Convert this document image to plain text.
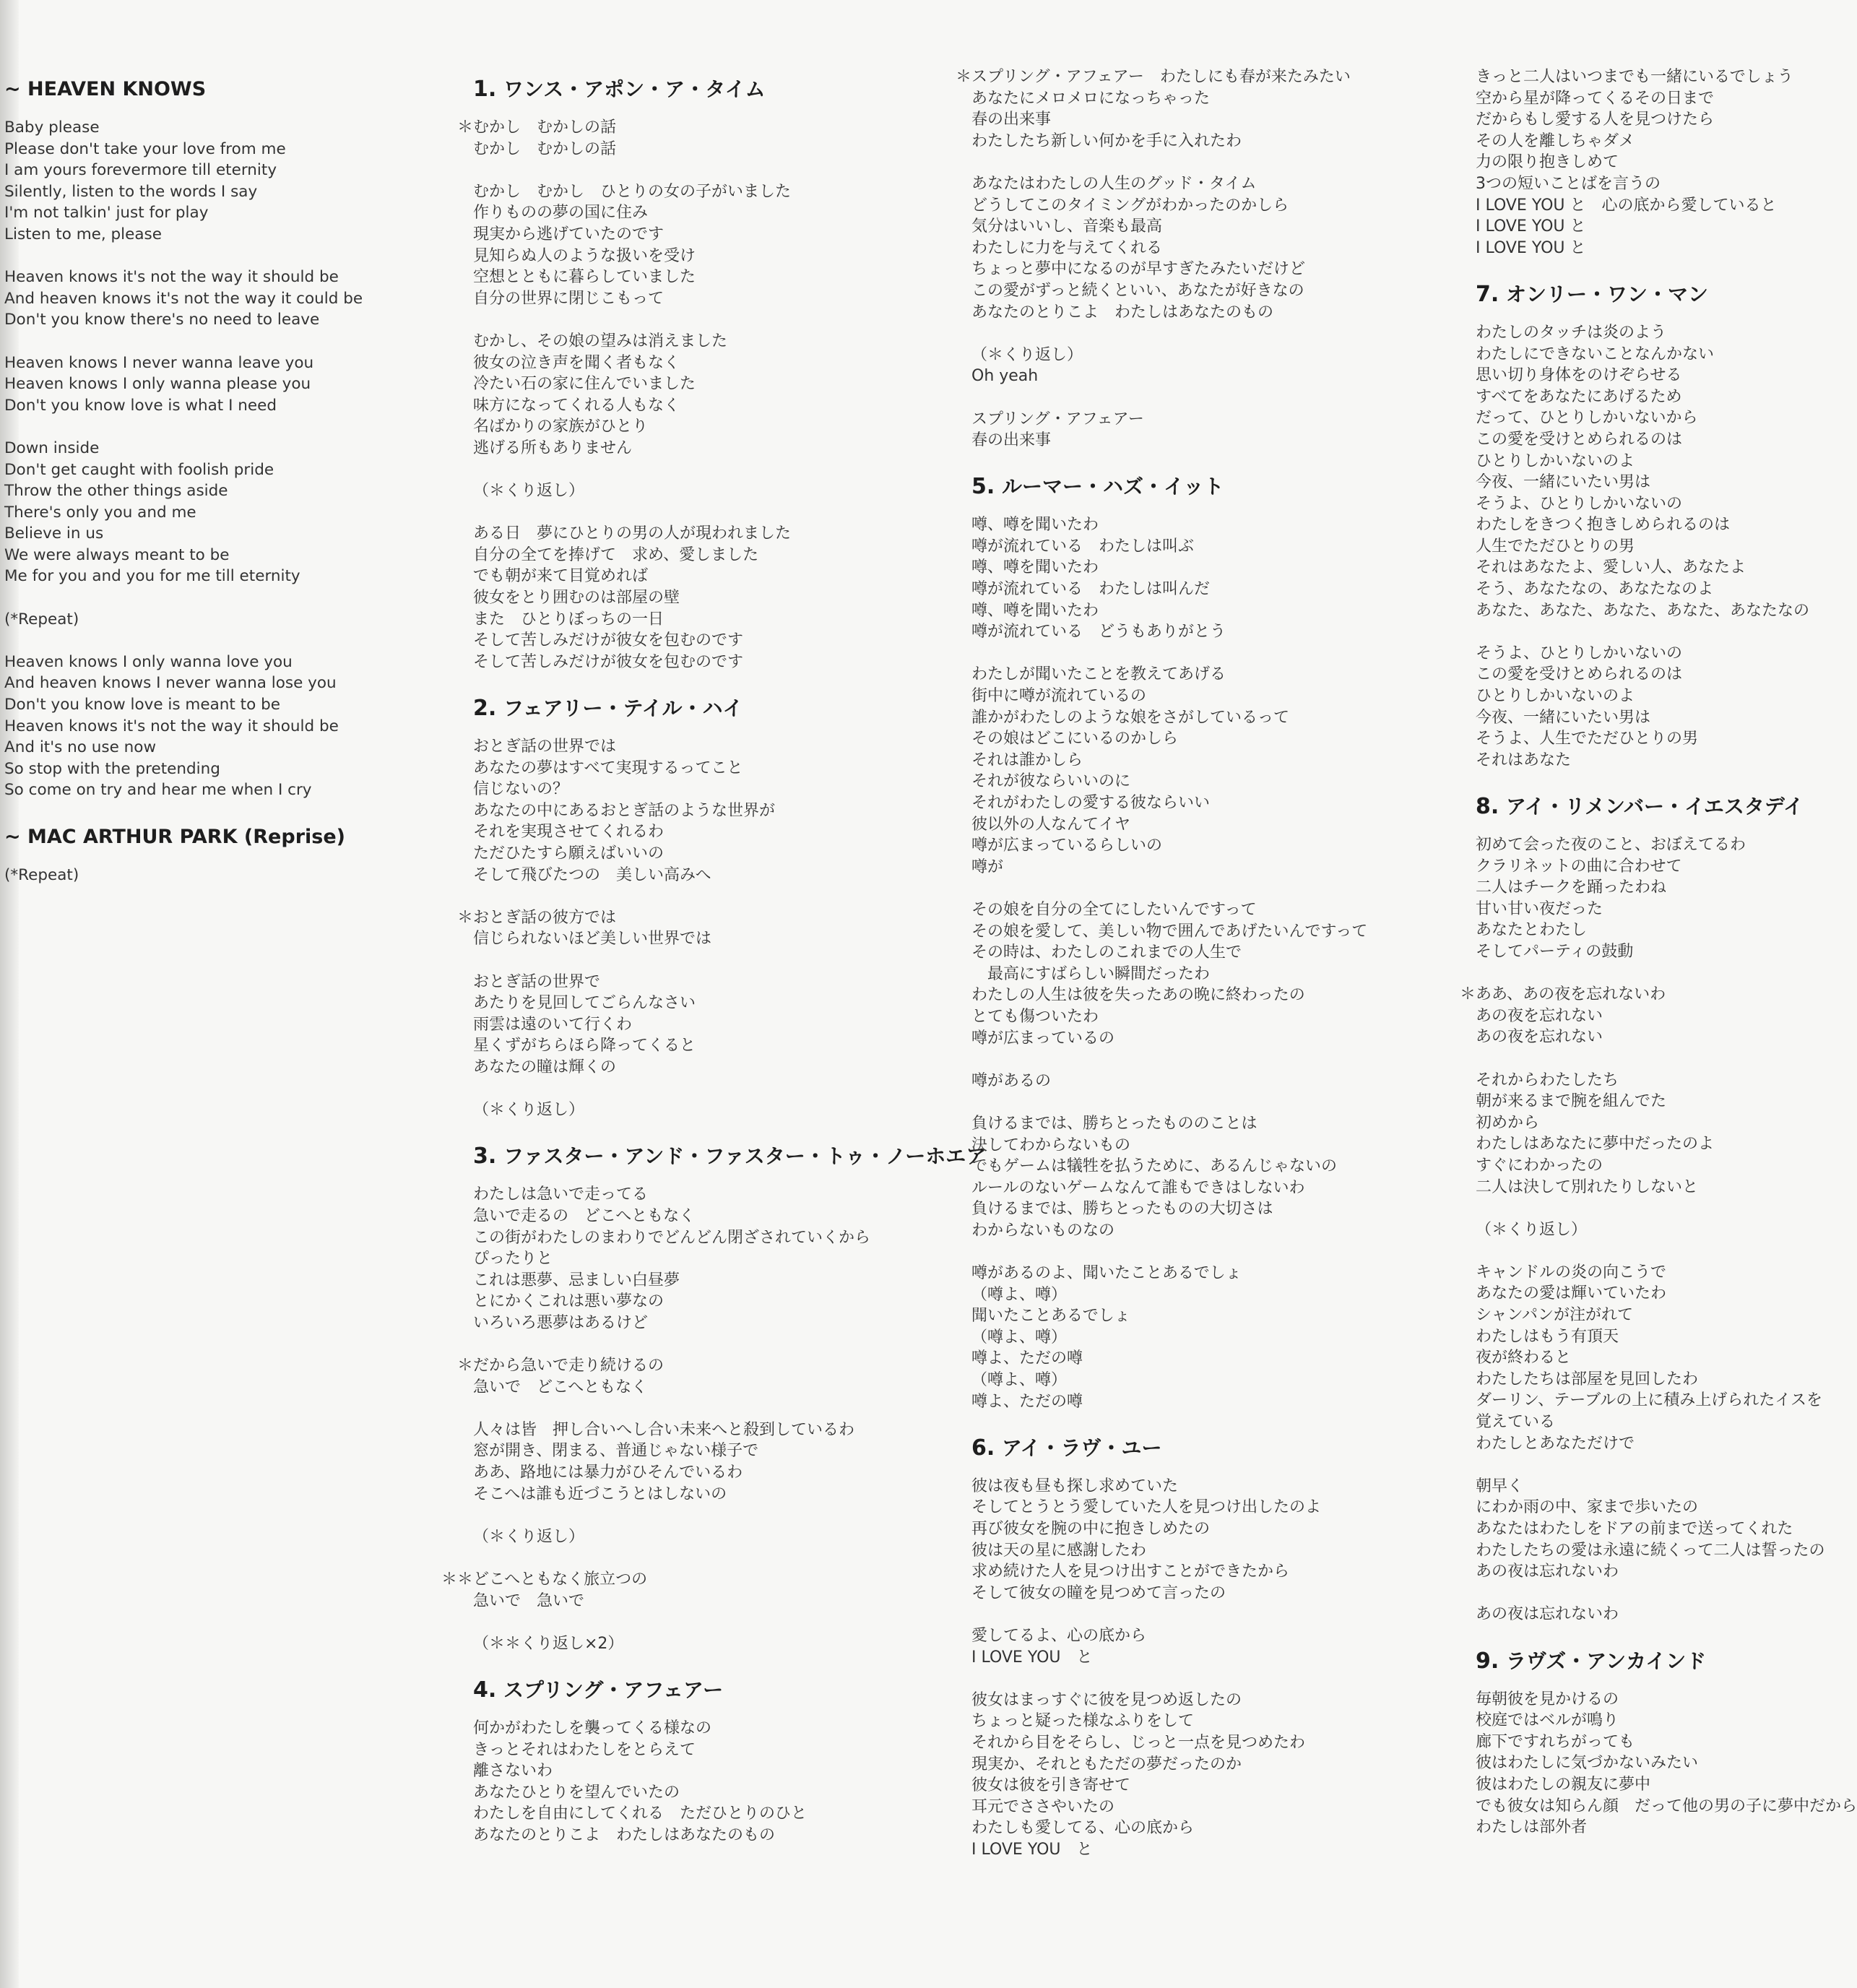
~ HEAVEN KNOWS
Baby please
Please don't take your love from me
I am yours forevermore till eternity
Silently, listen to the words I say
I'm not talkin' just for play
Listen to me, please
Heaven knows it's not the way it should be
And heaven knows it's not the way it could be
Don't you know there's no need to leave
Heaven knows I never wanna leave you
Heaven knows I only wanna please you
Don't you know love is what I need
Down inside
Don't get caught with foolish pride
Throw the other things aside
There's only you and me
Believe in us
We were always meant to be
Me for you and you for me till eternity
(*Repeat)
Heaven knows I only wanna love you
And heaven knows I never wanna lose you
Don't you know love is meant to be
Heaven knows it's not the way it should be
And it's no use now
So stop with the pretending
So come on try and hear me when I cry
~ MAC ARTHUR PARK (Reprise)
(*Repeat)
1. ワンス・アポン・ア・タイム
＊ むかし　むかしの話
むかし　むかしの話
むかし　むかし　ひとりの女の子がいました
作りものの夢の国に住み
現実から逃げていたのです
見知らぬ人のような扱いを受け
空想とともに暮らしていました
自分の世界に閉じこもって
むかし、その娘の望みは消えました
彼女の泣き声を聞く者もなく
冷たい石の家に住んでいました
味方になってくれる人もなく
名ばかりの家族がひとり
逃げる所もありません
（＊くり返し）
ある日　夢にひとりの男の人が現われました
自分の全てを捧げて　求め、愛しました
でも朝が来て目覚めれば
彼女をとり囲むのは部屋の壁
また　ひとりぼっちの一日
そして苦しみだけが彼女を包むのです
そして苦しみだけが彼女を包むのです
2. フェアリー・テイル・ハイ
おとぎ話の世界では
あなたの夢はすべて実現するってこと
信じないの？
あなたの中にあるおとぎ話のような世界が
それを実現させてくれるわ
ただひたすら願えばいいの
そして飛びたつの　美しい高みへ
＊ おとぎ話の彼方では
信じられないほど美しい世界では
おとぎ話の世界で
あたりを見回してごらんなさい
雨雲は遠のいて行くわ
星くずがちらほら降ってくると
あなたの瞳は輝くの
（＊くり返し）
3. ファスター・アンド・ファスター・トゥ・ノーホエア
わたしは急いで走ってる
急いで走るの　どこへともなく
この街がわたしのまわりでどんどん閉ざされていくから
ぴったりと
これは悪夢、忌ましい白昼夢
とにかくこれは悪い夢なの
いろいろ悪夢はあるけど
＊ だから急いで走り続けるの
急いで　どこへともなく
人々は皆　押し合いへし合い未来へと殺到しているわ
窓が開き、閉まる、普通じゃない様子で
ああ、路地には暴力がひそんでいるわ
そこへは誰も近づこうとはしないの
（＊くり返し）
＊＊ どこへともなく旅立つの
急いで　急いで
（＊＊くり返し×2）
4. スプリング・アフェアー
何かがわたしを襲ってくる様なの
きっとそれはわたしをとらえて
離さないわ
あなたひとりを望んでいたの
わたしを自由にしてくれる　ただひとりのひと
あなたのとりこよ　わたしはあなたのもの
＊ スプリング・アフェアー　わたしにも春が来たみたい
あなたにメロメロになっちゃった
春の出来事
わたしたち新しい何かを手に入れたわ
あなたはわたしの人生のグッド・タイム
どうしてこのタイミングがわかったのかしら
気分はいいし、音楽も最高
わたしに力を与えてくれる
ちょっと夢中になるのが早すぎたみたいだけど
この愛がずっと続くといい、あなたが好きなの
あなたのとりこよ　わたしはあなたのもの
（＊くり返し）
Oh yeah
スプリング・アフェアー
春の出来事
5. ルーマー・ハズ・イット
噂、噂を聞いたわ
噂が流れている　わたしは叫ぶ
噂、噂を聞いたわ
噂が流れている　わたしは叫んだ
噂、噂を聞いたわ
噂が流れている　どうもありがとう
わたしが聞いたことを教えてあげる
街中に噂が流れているの
誰かがわたしのような娘をさがしているって
その娘はどこにいるのかしら
それは誰かしら
それが彼ならいいのに
それがわたしの愛する彼ならいい
彼以外の人なんてイヤ
噂が広まっているらしいの
噂が
その娘を自分の全てにしたいんですって
その娘を愛して、美しい物で囲んであげたいんですって
その時は、わたしのこれまでの人生で
　最高にすばらしい瞬間だったわ
わたしの人生は彼を失ったあの晩に終わったの
とても傷ついたわ
噂が広まっているの
噂があるの
負けるまでは、勝ちとったもののことは
決してわからないもの
でもゲームは犠牲を払うために、あるんじゃないの
ルールのないゲームなんて誰もできはしないわ
負けるまでは、勝ちとったものの大切さは
わからないものなの
噂があるのよ、聞いたことあるでしょ
（噂よ、噂）
聞いたことあるでしょ
（噂よ、噂）
噂よ、ただの噂
（噂よ、噂）
噂よ、ただの噂
6. アイ・ラヴ・ユー
彼は夜も昼も探し求めていた
そしてとうとう愛していた人を見つけ出したのよ
再び彼女を腕の中に抱きしめたの
彼は天の星に感謝したわ
求め続けた人を見つけ出すことができたから
そして彼女の瞳を見つめて言ったの
愛してるよ、心の底から
I LOVE YOU　と
彼女はまっすぐに彼を見つめ返したの
ちょっと疑った様なふりをして
それから目をそらし、じっと一点を見つめたわ
現実か、それともただの夢だったのか
彼女は彼を引き寄せて
耳元でささやいたの
わたしも愛してる、心の底から
I LOVE YOU　と
きっと二人はいつまでも一緒にいるでしょう
空から星が降ってくるその日まで
だからもし愛する人を見つけたら
その人を離しちゃダメ
力の限り抱きしめて
3つの短いことばを言うの
I LOVE YOU と　心の底から愛していると
I LOVE YOU と
I LOVE YOU と
7. オンリー・ワン・マン
わたしのタッチは炎のよう
わたしにできないことなんかない
思い切り身体をのけぞらせる
すべてをあなたにあげるため
だって、ひとりしかいないから
この愛を受けとめられるのは
ひとりしかいないのよ
今夜、一緒にいたい男は
そうよ、ひとりしかいないの
わたしをきつく抱きしめられるのは
人生でただひとりの男
それはあなたよ、愛しい人、あなたよ
そう、あなたなの、あなたなのよ
あなた、あなた、あなた、あなた、あなたなの
そうよ、ひとりしかいないの
この愛を受けとめられるのは
ひとりしかいないのよ
今夜、一緒にいたい男は
そうよ、人生でただひとりの男
それはあなた
8. アイ・リメンバー・イエスタデイ
初めて会った夜のこと、おぼえてるわ
クラリネットの曲に合わせて
二人はチークを踊ったわね
甘い甘い夜だった
あなたとわたし
そしてパーティの鼓動
＊ ああ、あの夜を忘れないわ
あの夜を忘れない
あの夜を忘れない
それからわたしたち
朝が来るまで腕を組んでた
初めから
わたしはあなたに夢中だったのよ
すぐにわかったの
二人は決して別れたりしないと
（＊くり返し）
キャンドルの炎の向こうで
あなたの愛は輝いていたわ
シャンパンが注がれて
わたしはもう有頂天
夜が終わると
わたしたちは部屋を見回したわ
ダーリン、テーブルの上に積み上げられたイスを
覚えている
わたしとあなただけで
朝早く
にわか雨の中、家まで歩いたの
あなたはわたしをドアの前まで送ってくれた
わたしたちの愛は永遠に続くって二人は誓ったの
あの夜は忘れないわ
あの夜は忘れないわ
9. ラヴズ・アンカインド
毎朝彼を見かけるの
校庭ではベルが鳴り
廊下ですれちがっても
彼はわたしに気づかないみたい
彼はわたしの親友に夢中
でも彼女は知らん顔　だって他の男の子に夢中だから
わたしは部外者
